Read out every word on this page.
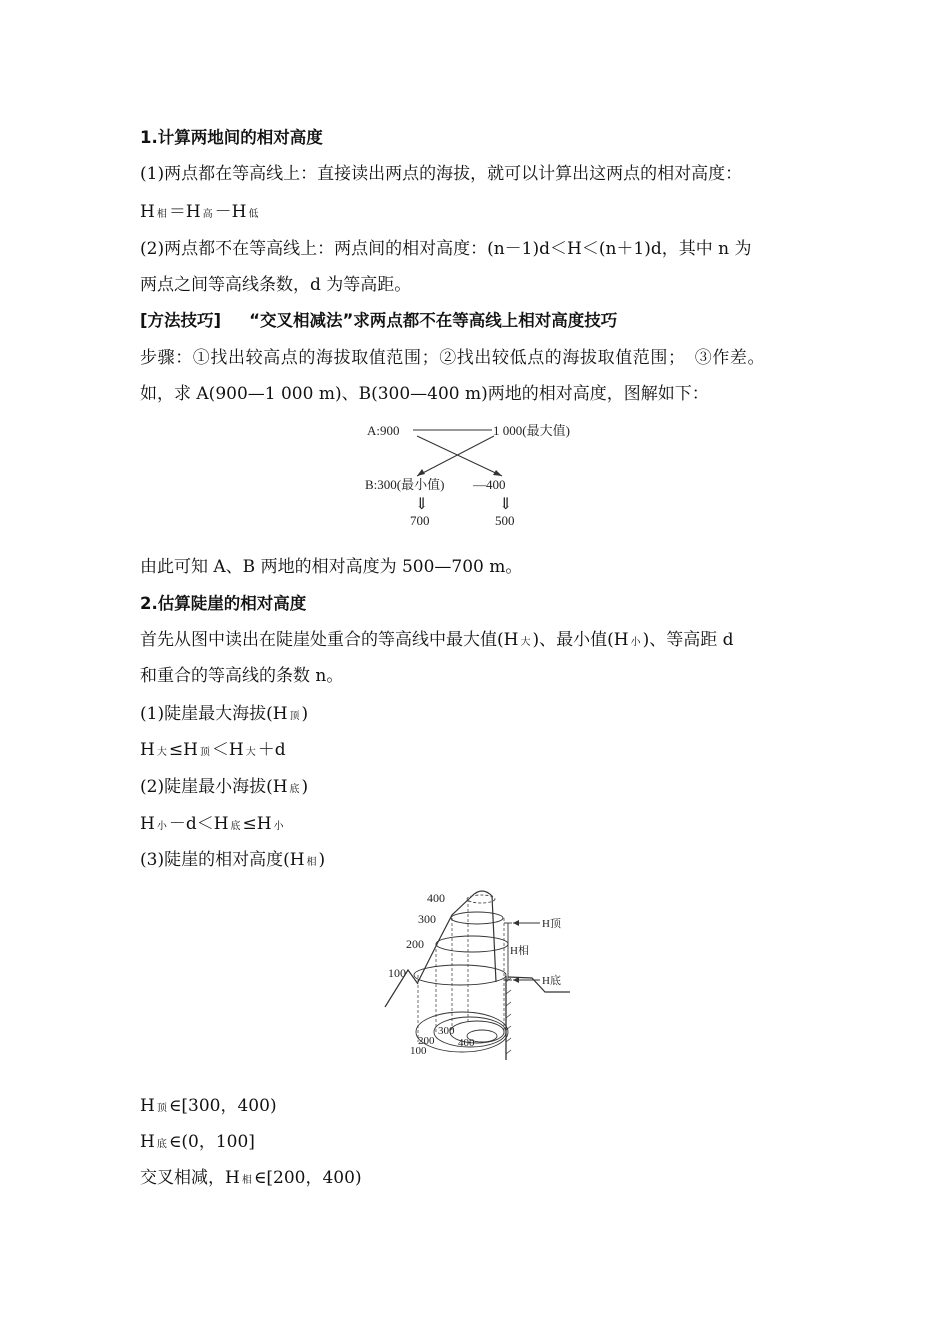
1.计算两地间的相对高度
(1)两点都在等高线上：直接读出两点的海拔，就可以计算出这两点的相对高度：
H相 ＝H 高 －H 低
(2)两点都不在等高线上：两点间的相对高度：(n－1)d＜H＜(n＋1)d，其中 n 为
两点之间等高线条数，d 为等高距。
[方法技巧] “交叉相减法”求两点都不在等高线上相对高度技巧
步骤：①找出较高点的海拔取值范围；②找出较低点的海拔取值范围；　③作差。
如，求 A(900—1 000 m)、B(300—400 m)两地的相对高度，图解如下：
A:900	1 000(最大值)
B:300(最小值) —400
⇓	⇓
700	500
由此可知 A、B 两地的相对高度为 500—700 m。
2.估算陡崖的相对高度
首先从图中读出在陡崖处重合的等高线中最大值(H 大 )、最小值(H 小 )、等高距 d
和重合的等高线的条数 n。
(1)陡崖最大海拔(H 顶 )
H大 ≤H 顶 ＜H 大 ＋d
(2)陡崖最小海拔(H 底 )
H小 －d＜H 底 ≤H 小
(3)陡崖的相对高度(H 相 )
400
300
200
100
H顶
H相
H底
300
200
100
400
H顶 ∈[300，400)
H底 ∈(0，100]
交叉相减，H 相 ∈[200，400)
